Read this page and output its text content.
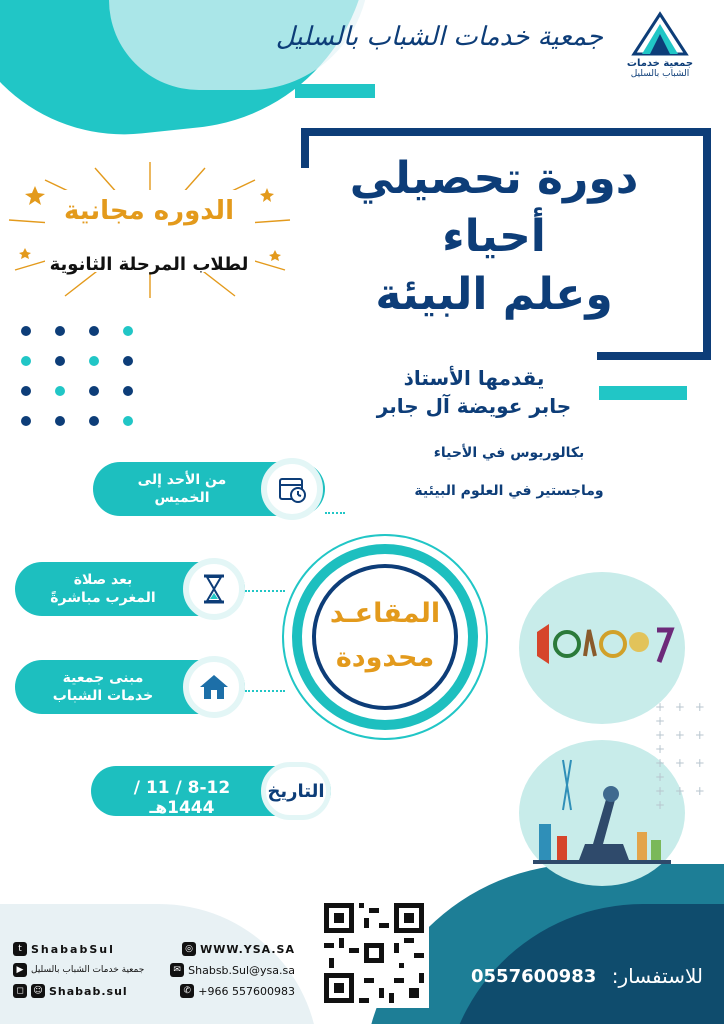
جمعية خدمات الشباب بالسليل
جمعية خدمات
الشباب بالسليل
دورة تحصيلي
أحياء
وعلم البيئة
يقدمها الأستاذ
جابر عويضة آل جابر
بكالوريوس في الأحياء
وماجستير في العلوم البيئية
الدوره مجانية
لطلاب المرحلة الثانوية
من الأحد إلى الخميس
بعد صلاة
المغرب مباشرةً
مبنى جمعية
خدمات الشباب
المقاعـد
محدودة
التاريخ
8-12 / 11 / 1444هـ
+ + + +
+ + + +
+ + + +
+ + + +
t ShababSul	◎ WWW.YSA.SA
▶ جمعية خدمات الشباب بالسليل	✉ Shabsb.Sul@ysa.sa
◻	☺ Shabab.sul	✆ +966 557600983
للاستفسار:
0557600983
